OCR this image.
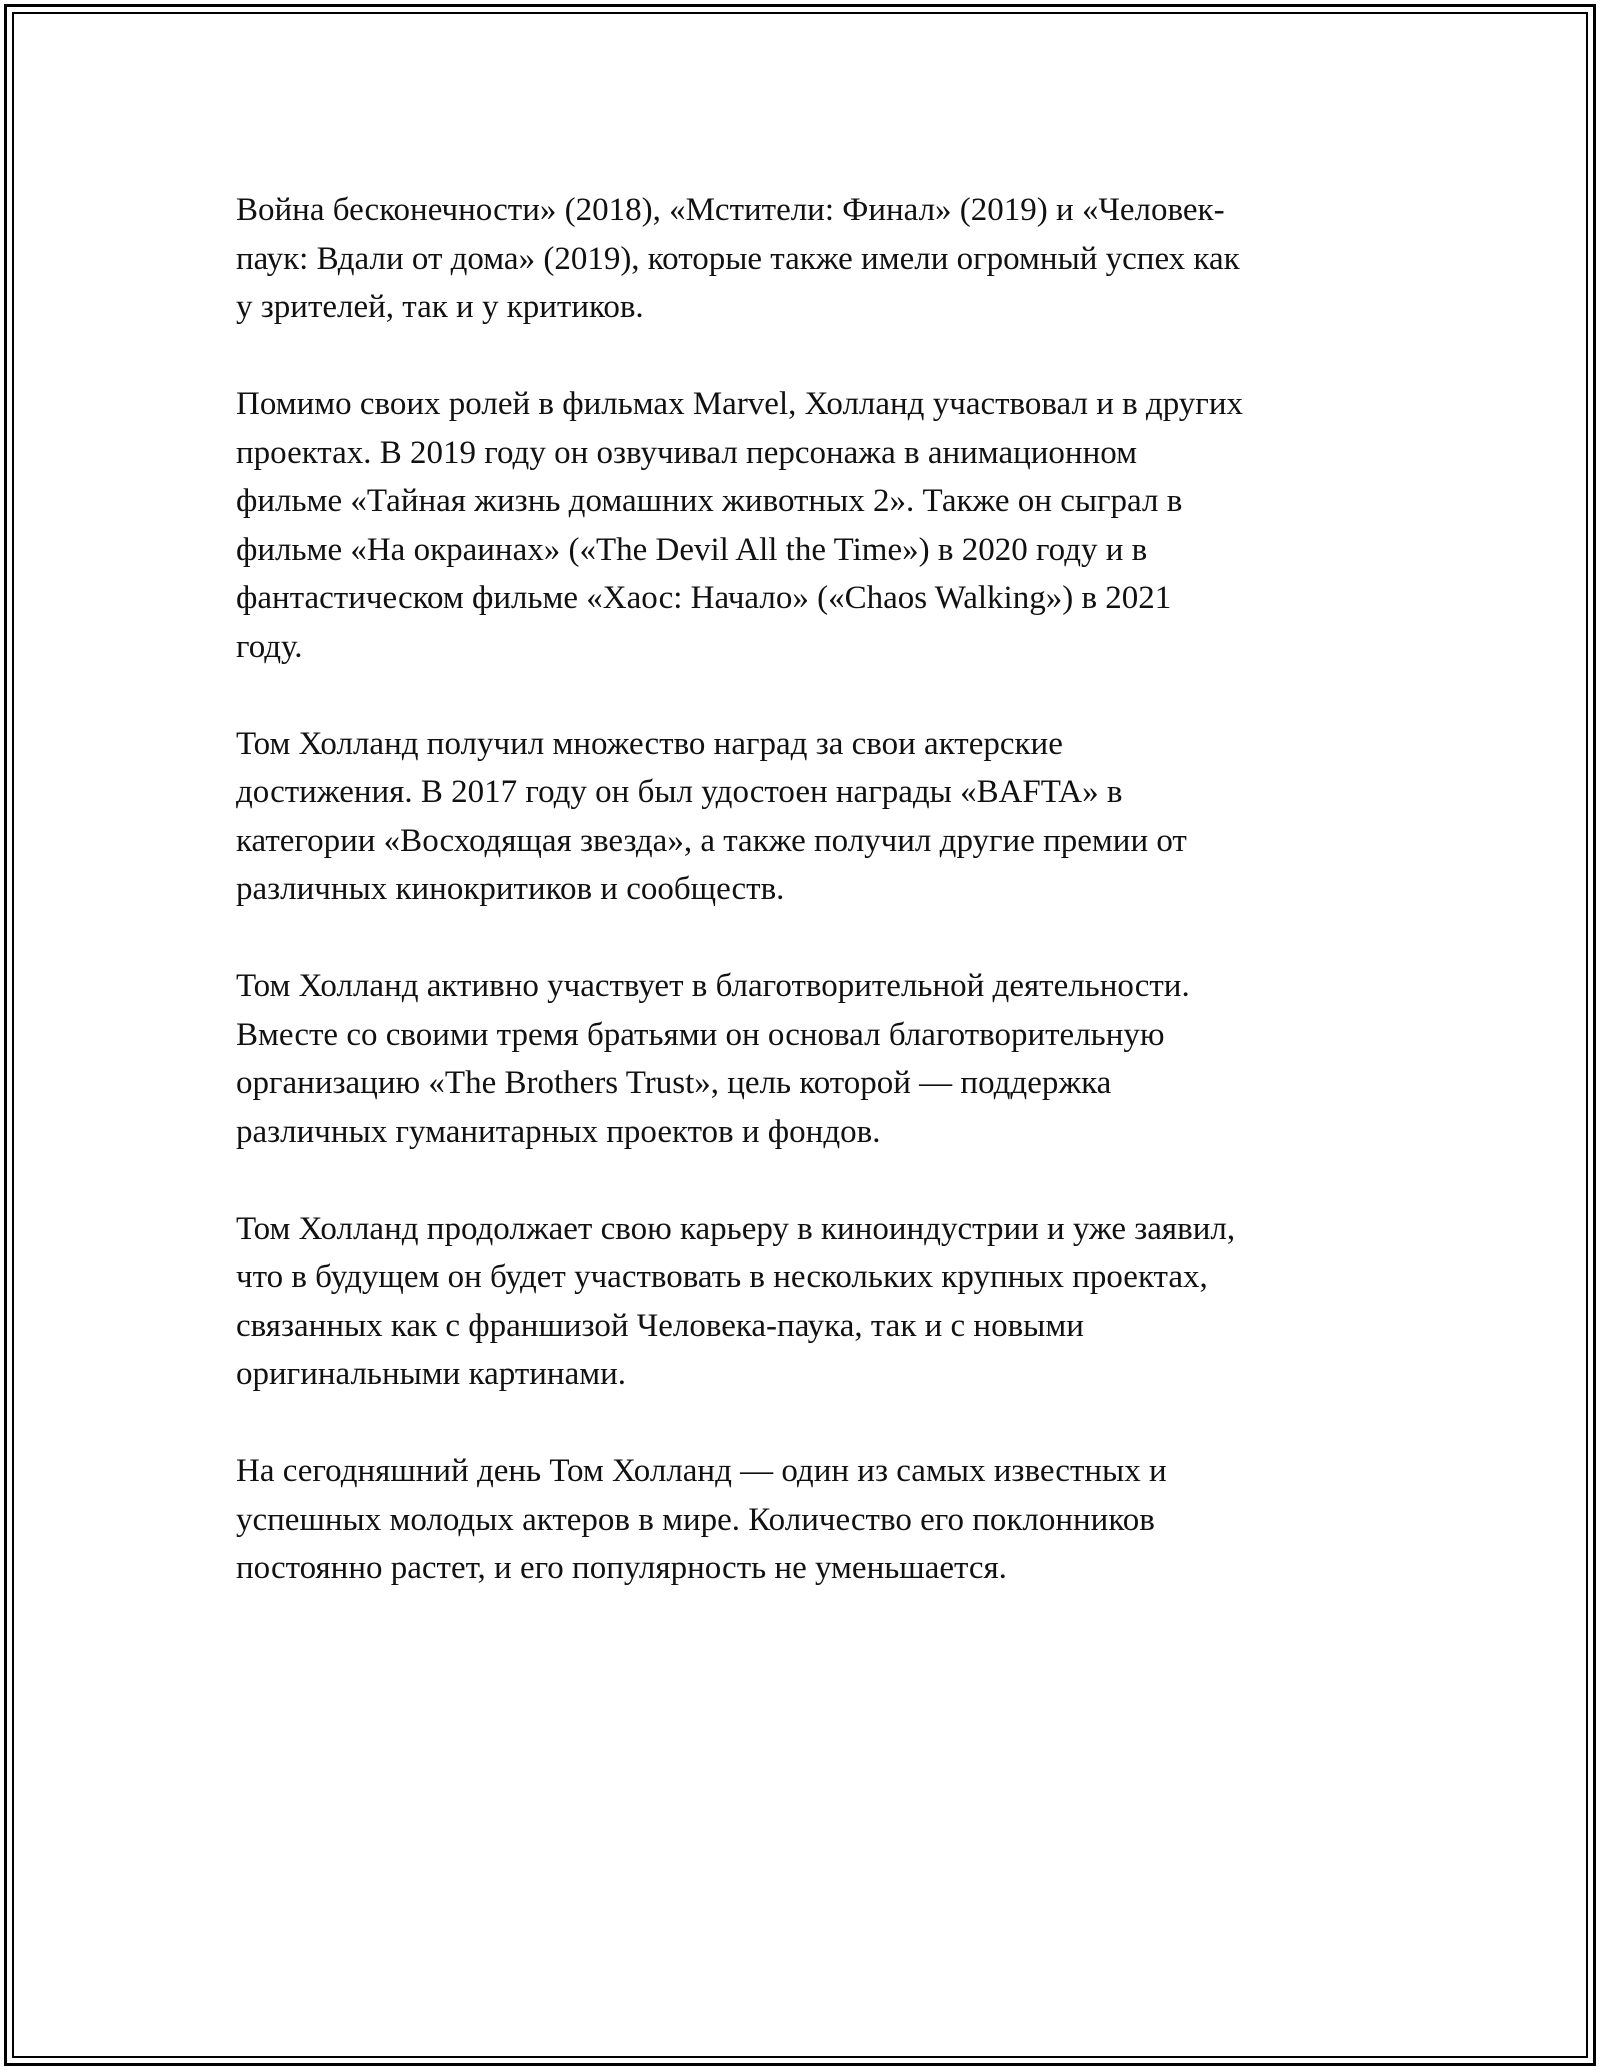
Война бесконечности» (2018), «Мстители: Финал» (2019) и «Человек-
паук: Вдали от дома» (2019), которые также имели огромный успех как
у зрителей, так и у критиков.

Помимо своих ролей в фильмах Marvel, Холланд участвовал и в других
проектах. В 2019 году он озвучивал персонажа в анимационном
фильме «Тайная жизнь домашних животных 2». Также он сыграл в
фильме «На окраинах» («The Devil All the Time») в 2020 году и в
фантастическом фильме «Хаос: Начало» («Chaos Walking») в 2021
году.

Том Холланд получил множество наград за свои актерские
достижения. В 2017 году он был удостоен награды «BAFTA» в
категории «Восходящая звезда», а также получил другие премии от
различных кинокритиков и сообществ.

Том Холланд активно участвует в благотворительной деятельности.
Вместе со своими тремя братьями он основал благотворительную
организацию «The Brothers Trust», цель которой — поддержка
различных гуманитарных проектов и фондов.

Том Холланд продолжает свою карьеру в киноиндустрии и уже заявил,
что в будущем он будет участвовать в нескольких крупных проектах,
связанных как с франшизой Человека-паука, так и с новыми
оригинальными картинами.

На сегодняшний день Том Холланд — один из самых известных и
успешных молодых актеров в мире. Количество его поклонников
постоянно растет, и его популярность не уменьшается.
